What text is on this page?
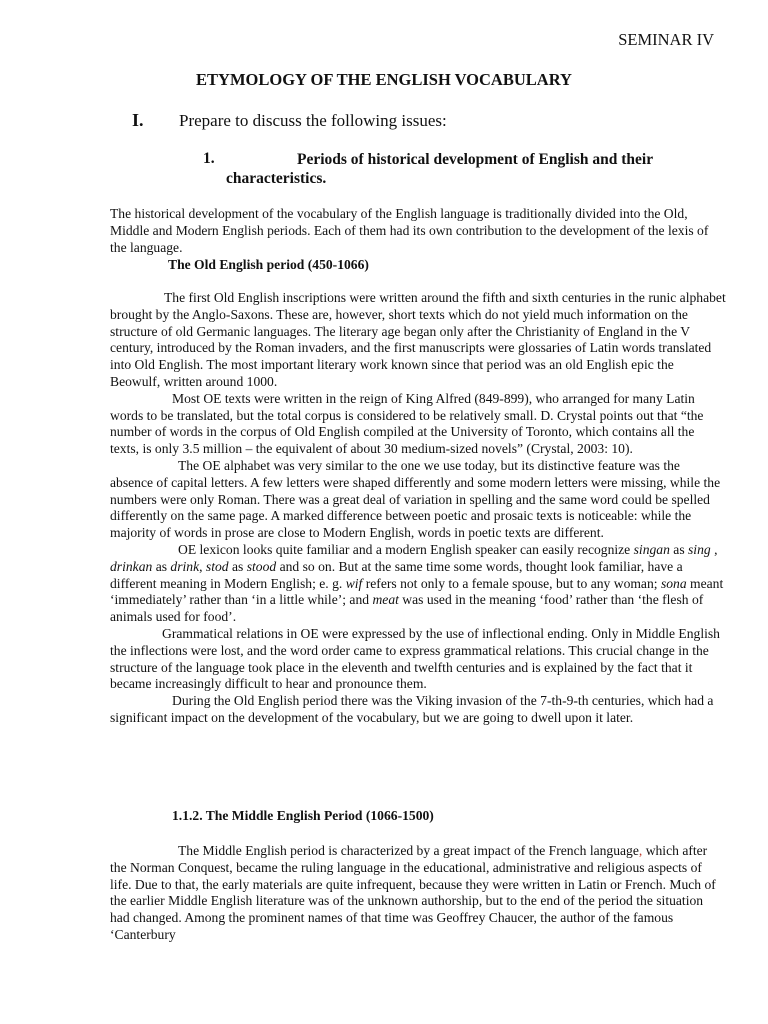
SEMINAR IV
ETYMOLOGY OF THE ENGLISH VOCABULARY
I. Prepare to discuss the following issues:
1.	Periods of historical development of English and their characteristics.

The historical development of the vocabulary of the English language is traditionally divided into the Old, Middle and Modern English periods. Each of them had its own contribution to the development of the lexis of the language.

The Old English period (450-1066)

The first Old English inscriptions were written around the fifth and sixth centuries in the runic alphabet brought by the Anglo-Saxons. These are, however, short texts which do not yield much information on the structure of old Germanic languages. The literary age began only after the Christianity of England in the V century, introduced by the Roman invaders, and the first manuscripts were glossaries of Latin words translated into Old English. The most important literary work known since that period was an old English epic the Beowulf, written around 1000.

Most OE texts were written in the reign of King Alfred (849-899), who arranged for many Latin words to be translated, but the total corpus is considered to be relatively small. D. Crystal points out that “the number of words in the corpus of Old English compiled at the University of Toronto, which contains all the texts, is only 3.5 million – the equivalent of about 30 medium-sized novels” (Crystal, 2003: 10).

The OE alphabet was very similar to the one we use today, but its distinctive feature was the absence of capital letters. A few letters were shaped differently and some modern letters were missing, while the numbers were only Roman. There was a great deal of variation in spelling and the same word could be spelled differently on the same page. A marked difference between poetic and prosaic texts is noticeable: while the majority of words in prose are close to Modern English, words in poetic texts are different.

OE lexicon looks quite familiar and a modern English speaker can easily recognize singan as sing , drinkan as drink, stod as stood and so on. But at the same time some words, thought look familiar, have a different meaning in Modern English; e. g. wif refers not only to a female spouse, but to any woman; sona meant ‘immediately’ rather than ‘in a little while’; and meat was used in the meaning ‘food’ rather than ‘the flesh of animals used for food’.

Grammatical relations in OE were expressed by the use of inflectional ending. Only in Middle English the inflections were lost, and the word order came to express grammatical relations. This crucial change in the structure of the language took place in the eleventh and twelfth centuries and is explained by the fact that it became increasingly difficult to hear and pronounce them.

During the Old English period there was the Viking invasion of the 7-th-9-th centuries, which had a significant impact on the development of the vocabulary, but we are going to dwell upon it later.

1.1.2. The Middle English Period (1066-1500)

The Middle English period is characterized by a great impact of the French language, which after the Norman Conquest, became the ruling language in the educational, administrative and religious aspects of life. Due to that, the early materials are quite infrequent, because they were written in Latin or French. Much of the earlier Middle English literature was of the unknown authorship, but to the end of the period the situation had changed. Among the prominent names of that time was Geoffrey Chaucer, the author of the famous ‘Canterbury
